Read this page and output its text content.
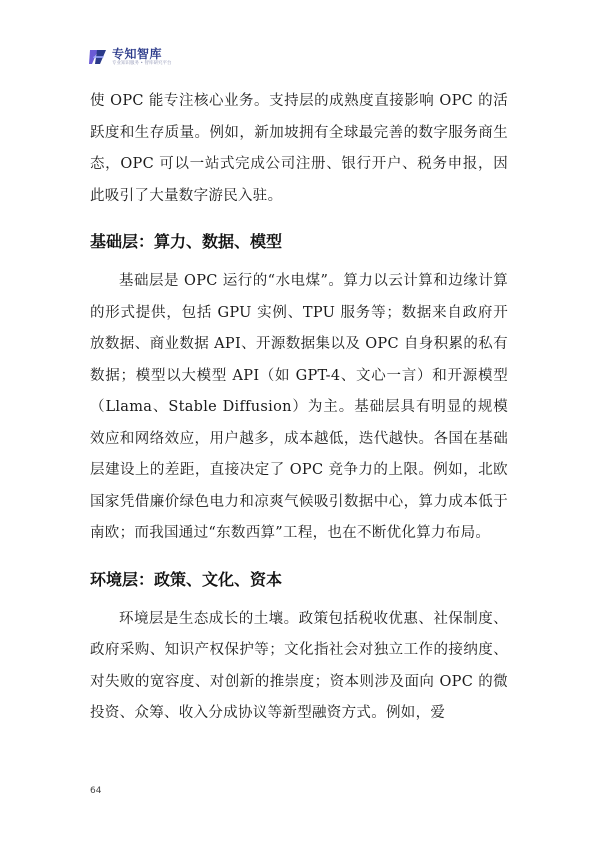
专知智库
专业知识服务 • 智库研究平台

使 OPC 能专注核心业务。支持层的成熟度直接影响 OPC 的活跃度和生存质量。例如，新加坡拥有全球最完善的数字服务商生态，OPC 可以一站式完成公司注册、银行开户、税务申报，因此吸引了大量数字游民入驻。

基础层：算力、数据、模型

基础层是 OPC 运行的“水电煤”。算力以云计算和边缘计算的形式提供，包括 GPU 实例、TPU 服务等；数据来自政府开放数据、商业数据 API、开源数据集以及 OPC 自身积累的私有数据；模型以大模型 API（如 GPT-4、文心一言）和开源模型（Llama、Stable Diffusion）为主。基础层具有明显的规模效应和网络效应，用户越多，成本越低，迭代越快。各国在基础层建设上的差距，直接决定了 OPC 竞争力的上限。例如，北欧国家凭借廉价绿色电力和凉爽气候吸引数据中心，算力成本低于南欧；而我国通过“东数西算”工程，也在不断优化算力布局。

环境层：政策、文化、资本

环境层是生态成长的土壤。政策包括税收优惠、社保制度、政府采购、知识产权保护等；文化指社会对独立工作的接纳度、对失败的宽容度、对创新的推崇度；资本则涉及面向 OPC 的微投资、众筹、收入分成协议等新型融资方式。例如，爱

64
